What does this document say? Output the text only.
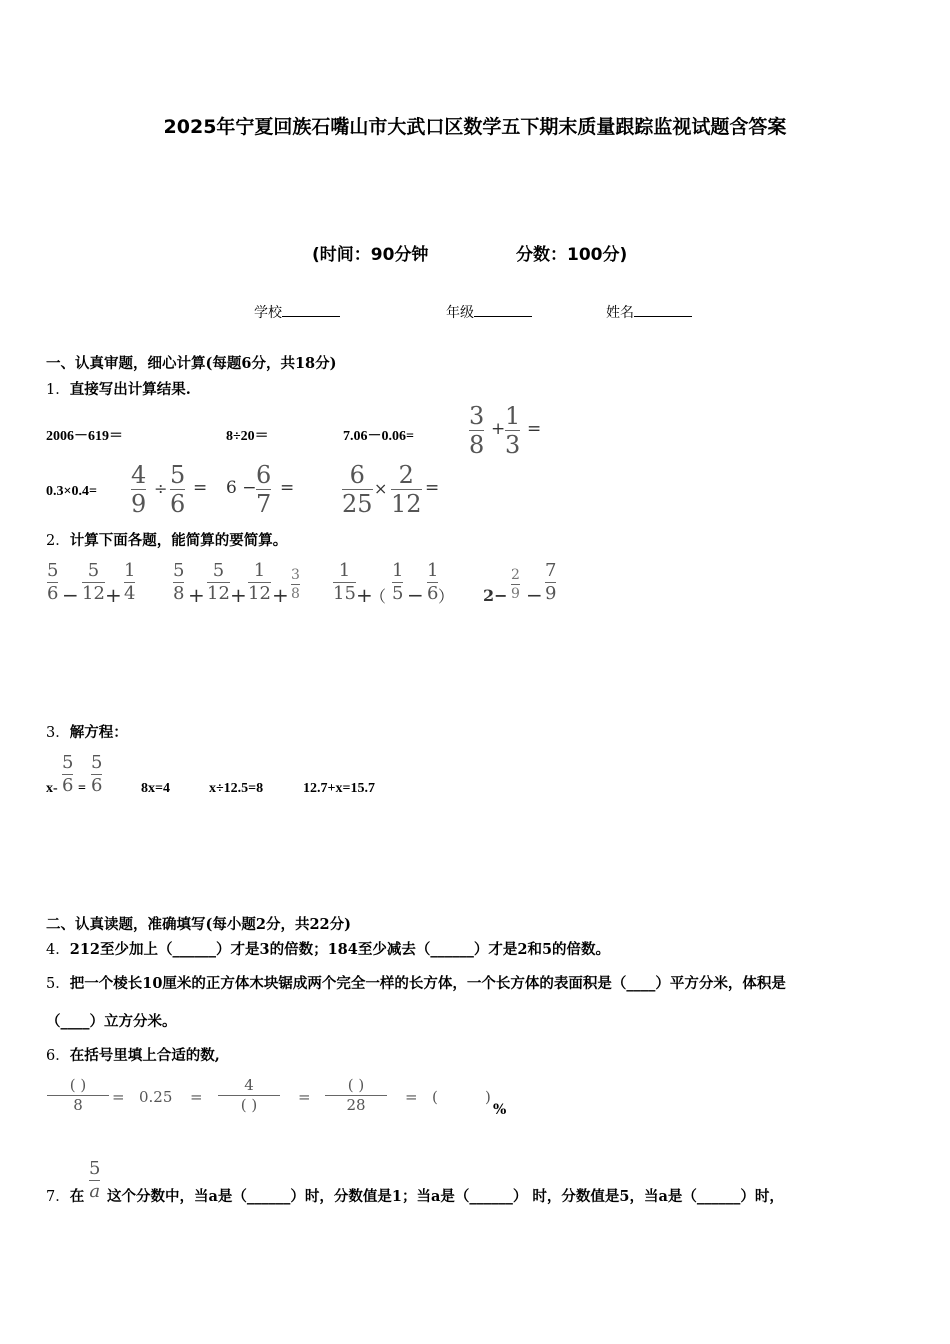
2025年宁夏回族石嘴山市大武口区数学五下期末质量跟踪监视试题含答案
(时间：90分钟	分数：100分)
学校	年级	姓名
一、认真审题，细心计算(每题6分，共18分)
1．直接写出计算结果.
2006－619＝	8÷20＝	7.06－0.06=
3
8
+ 1
3
=
0.3×0.4=
4
9
÷ 5
6
= 6 − 6
7
= 6
25
× 2
12
=
2．计算下面各题，能简算的要简算。
5
6 −
5
12 +
1
4
5
8 +
5
12 +
1
12 +
3
8
1
15 +
（
1
5 −
1
6 ） 2−
2
9 −
7
9
3．解方程：
x-
5
6 =
5
6	8x=4	x÷12.5=8	12.7+x=15.7
二、认真读题，准确填写(每小题2分，共22分)
4．212至少加上（______）才是3的倍数；184至少减去（______）才是2和5的倍数。
5．把一个棱长10厘米的正方体木块锯成两个完全一样的长方体，一个长方体的表面积是（____）平方分米，体积是
（____）立方分米。
6．在括号里填上合适的数,
( )
8 = 0.25 =
4
( )	=
( )
28	= (	)
%
7．在
5
a 这个分数中，当a是（______）时，分数值是1；当a是（______） 时，分数值是5，当a是（______）时，
